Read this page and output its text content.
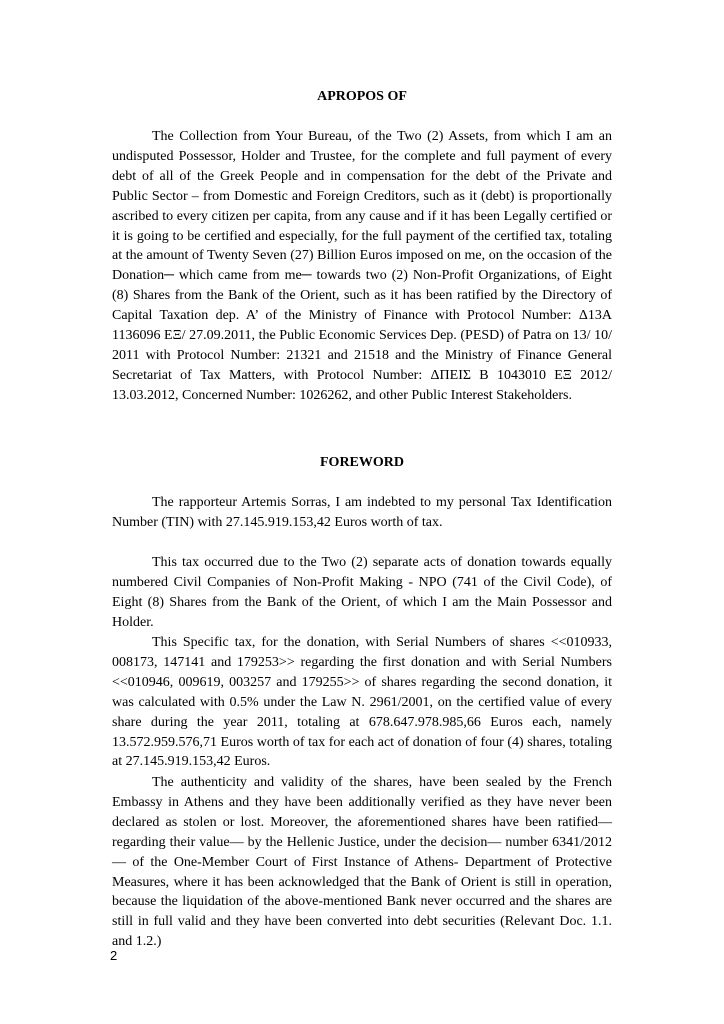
APROPOS OF

The Collection from Your Bureau, of the Two (2) Assets, from which I am an undisputed Possessor, Holder and Trustee, for the complete and full payment of every debt of all of the Greek People and in compensation for the debt of the Private and Public Sector – from Domestic and Foreign Creditors, such as it (debt) is proportionally ascribed to every citizen per capita, from any cause and if it has been Legally certified or it is going to be certified and especially, for the full payment of the certified tax, totaling at the amount of Twenty Seven (27) Billion Euros imposed on me, on the occasion of the Donation─ which came from me─ towards two (2) Non-Profit Organizations, of Eight (8) Shares from the Bank of the Orient, such as it has been ratified by the Directory of Capital Taxation dep. A’ of the Ministry of Finance with Protocol Number: Δ13Α 1136096 ΕΞ/ 27.09.2011, the Public Economic Services Dep. (PESD) of Patra on 13/ 10/ 2011 with Protocol Number: 21321 and 21518 and the Ministry of Finance General Secretariat of Tax Matters, with Protocol Number: ΔΠΕΙΣ Β 1043010 ΕΞ 2012/ 13.03.2012, Concerned Number: 1026262, and other Public Interest Stakeholders.

FOREWORD

The rapporteur Artemis Sorras, I am indebted to my personal Tax Identification Number (TIN) with 27.145.919.153,42 Euros worth of tax.

This tax occurred due to the Two (2) separate acts of donation towards equally numbered Civil Companies of Non-Profit Making - NPO (741 of the Civil Code), of Eight (8) Shares from the Bank of the Orient, of which I am the Main Possessor and Holder.

This Specific tax, for the donation, with Serial Numbers of shares <<010933, 008173, 147141 and 179253>> regarding the first donation and with Serial Numbers <<010946, 009619, 003257 and 179255>> of shares regarding the second donation, it was calculated with 0.5% under the Law N. 2961/2001, on the certified value of every share during the year 2011, totaling at 678.647.978.985,66 Euros each, namely 13.572.959.576,71 Euros worth of tax for each act of donation of four (4) shares, totaling at 27.145.919.153,42 Euros.

The authenticity and validity of the shares, have been sealed by the French Embassy in Athens and they have been additionally verified as they have never been declared as stolen or lost. Moreover, the aforementioned shares have been ratified— regarding their value— by the Hellenic Justice, under the decision— number 6341/2012— of the One-Member Court of First Instance of Athens- Department of Protective Measures, where it has been acknowledged that the Bank of Orient is still in operation, because the liquidation of the above-mentioned Bank never occurred and the shares are still in full valid and they have been converted into debt securities (Relevant Doc. 1.1. and 1.2.)

2
